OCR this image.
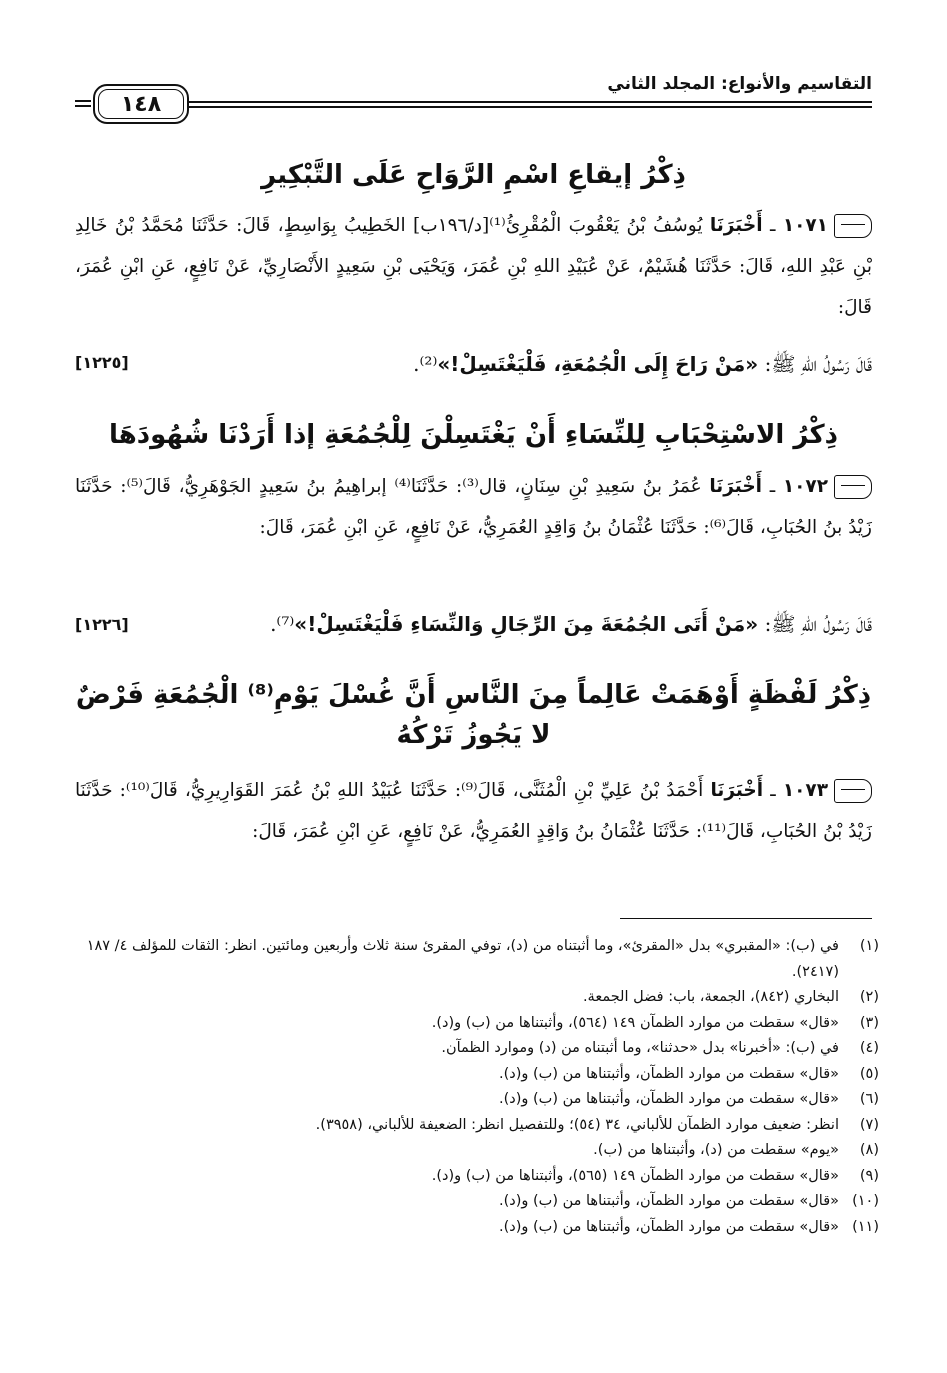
التقاسيم والأنواع: المجلد الثاني
١٤٨
ذِكْرُ إيقاعِ اسْمِ الرَّوَاحِ عَلَى التَّبْكِيرِ
١٠٧١ ـ أَخْبَرَنَا يُوسُفُ بْنُ يَعْقُوبَ الْمُقْرِئُ⁽¹⁾[د/١٩٦ب] الخَطِيبُ بِوَاسِطٍ، قَالَ: حَدَّثَنَا مُحَمَّدُ بْنُ خَالِدِ بْنِ عَبْدِ اللهِ، قَالَ: حَدَّثَنَا هُشَيْمٌ، عَنْ عُبَيْدِ اللهِ بْنِ عُمَرَ، وَيَحْيَى بْنِ سَعِيدٍ الأَنْصَارِيِّ، عَنْ نَافِعٍ، عَنِ ابْنِ عُمَرَ، قَالَ:
قَالَ رَسُولُ اللهِ ﷺ: «مَنْ رَاحَ إِلَى الْجُمُعَةِ، فَلْيَغْتَسِلْ!»⁽²⁾.
[١٢٢٥]
ذِكْرُ الاسْتِحْبَابِ لِلنِّسَاءِ أَنْ يَغْتَسِلْنَ لِلْجُمُعَةِ إذا أَرَدْنَا شُهُودَهَا
١٠٧٢ ـ أَخْبَرَنَا عُمَرُ بنُ سَعِيدِ بْنِ سِنَانٍ، قال⁽³⁾: حَدَّثَنَا⁽⁴⁾ إبراهِيمُ بنُ سَعِيدٍ الجَوْهَرِيُّ، قَالَ⁽⁵⁾: حَدَّثَنَا زَيْدُ بنُ الحُبَابِ، قَالَ⁽⁶⁾: حَدَّثَنَا عُثْمَانُ بنُ وَاقِدٍ العُمَرِيُّ، عَنْ نَافِعٍ، عَنِ ابْنِ عُمَرَ، قَالَ:
قَالَ رَسُولُ اللهِ ﷺ: «مَنْ أَتَى الجُمُعَةَ مِنَ الرِّجَالِ وَالنِّسَاءِ فَلْيَغْتَسِلْ!»⁽⁷⁾.
[١٢٢٦]
ذِكْرُ لَفْظَةٍ أَوْهَمَتْ عَالِماً مِنَ النَّاسِ أَنَّ غُسْلَ يَوْمِ⁽⁸⁾ الْجُمُعَةِ فَرْضٌ لا يَجُوزُ تَرْكُهُ
١٠٧٣ ـ أَخْبَرَنَا أَحْمَدُ بْنُ عَلِيِّ بْنِ الْمُثَنَّى، قَالَ⁽⁹⁾: حَدَّثَنَا عُبَيْدُ اللهِ بْنُ عُمَرَ القَوَارِيرِيُّ، قَالَ⁽¹⁰⁾: حَدَّثَنَا زَيْدُ بْنُ الحُبَابِ، قَالَ⁽¹¹⁾: حَدَّثَنَا عُثْمَانُ بنُ وَاقِدٍ العُمَرِيُّ، عَنْ نَافِعٍ، عَنِ ابْنِ عُمَرَ، قَالَ:
(١)
في (ب): «المقبري» بدل «المقرئ»، وما أثبتناه من (د)، توفي المقرئ سنة ثلاث وأربعين ومائتين. انظر: الثقات للمؤلف ٤/ ١٨٧ (٢٤١٧).
(٢)
البخاري (٨٤٢)، الجمعة، باب: فضل الجمعة.
(٣)
«قال» سقطت من موارد الظمآن ١٤٩ (٥٦٤)، وأثبتناها من (ب) و(د).
(٤)
في (ب): «أخبرنا» بدل «حدثنا»، وما أثبتناه من (د) وموارد الظمآن.
(٥)
«قال» سقطت من موارد الظمآن، وأثبتناها من (ب) و(د).
(٦)
«قال» سقطت من موارد الظمآن، وأثبتناها من (ب) و(د).
(٧)
انظر: ضعيف موارد الظمآن للألباني، ٣٤ (٥٤)؛ وللتفصيل انظر: الضعيفة للألباني، (٣٩٥٨).
(٨)
«يوم» سقطت من (د)، وأثبتناها من (ب).
(٩)
«قال» سقطت من موارد الظمآن ١٤٩ (٥٦٥)، وأثبتناها من (ب) و(د).
(١٠)
«قال» سقطت من موارد الظمآن، وأثبتناها من (ب) و(د).
(١١)
«قال» سقطت من موارد الظمآن، وأثبتناها من (ب) و(د).
